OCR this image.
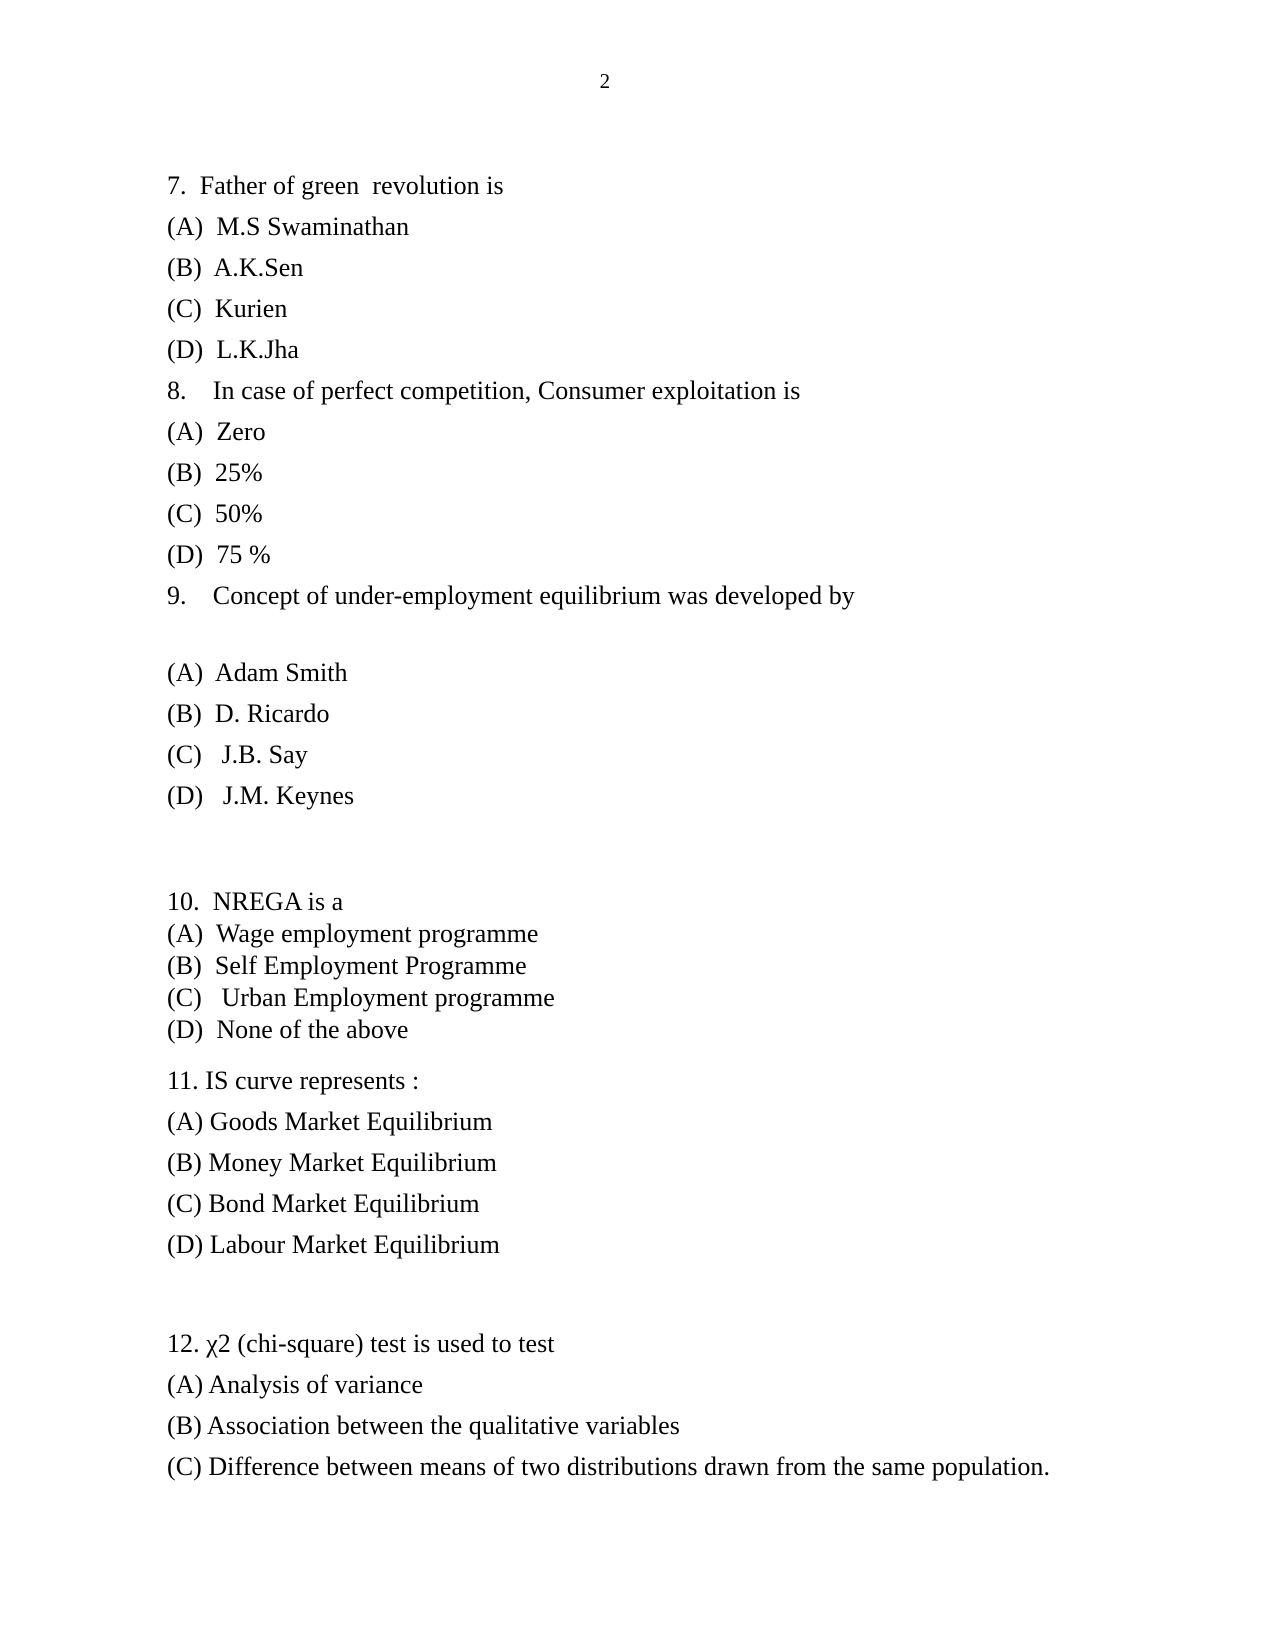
2
7.  Father of green  revolution is
(A)  M.S Swaminathan
(B)  A.K.Sen
(C)  Kurien
(D)  L.K.Jha
8.    In case of perfect competition, Consumer exploitation is
(A)  Zero
(B)  25%
(C)  50%
(D)  75 %
9.    Concept of under-employment equilibrium was developed by
(A)  Adam Smith
(B)  D. Ricardo
(C)   J.B. Say
(D)   J.M. Keynes
10.  NREGA is a
(A)  Wage employment programme
(B)  Self Employment Programme
(C)   Urban Employment programme
(D)  None of the above
11. IS curve represents :
(A) Goods Market Equilibrium
(B) Money Market Equilibrium
(C) Bond Market Equilibrium
(D) Labour Market Equilibrium
12. χ2 (chi-square) test is used to test
(A) Analysis of variance
(B) Association between the qualitative variables
(C) Difference between means of two distributions drawn from the same population.
